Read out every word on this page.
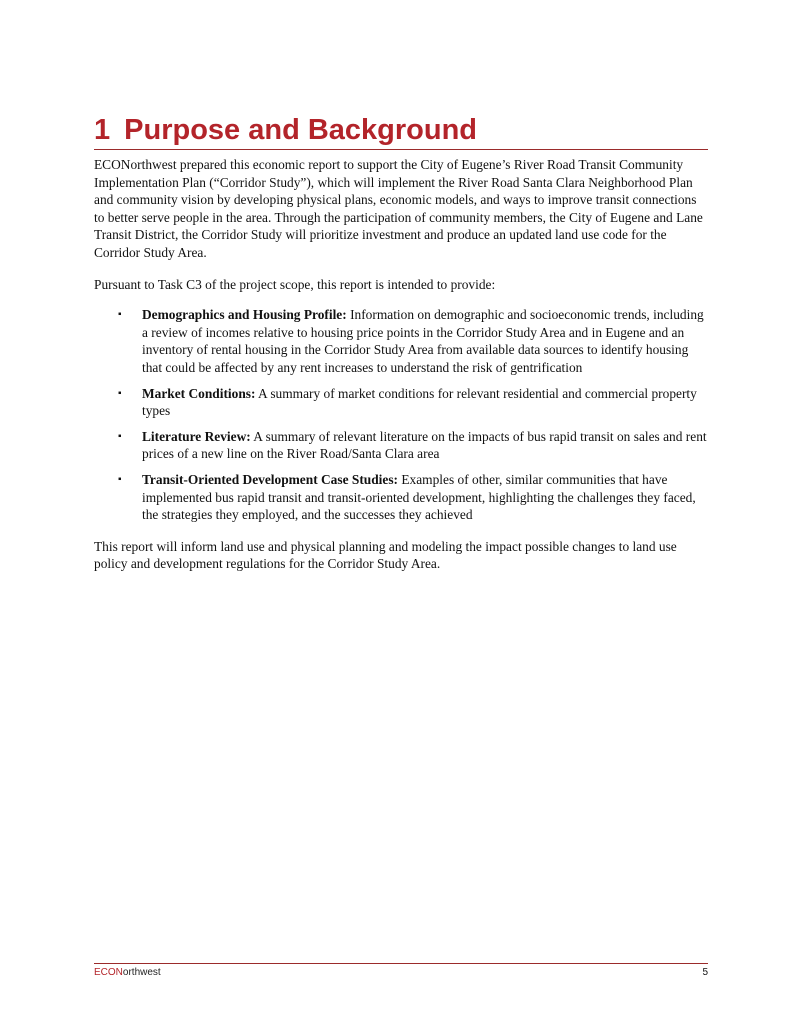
1 Purpose and Background

ECONorthwest prepared this economic report to support the City of Eugene’s River Road Transit Community Implementation Plan (“Corridor Study”), which will implement the River Road Santa Clara Neighborhood Plan and community vision by developing physical plans, economic models, and ways to improve transit connections to better serve people in the area. Through the participation of community members, the City of Eugene and Lane Transit District, the Corridor Study will prioritize investment and produce an updated land use code for the Corridor Study Area.

Pursuant to Task C3 of the project scope, this report is intended to provide:

▪ Demographics and Housing Profile: Information on demographic and socioeconomic trends, including a review of incomes relative to housing price points in the Corridor Study Area and in Eugene and an inventory of rental housing in the Corridor Study Area from available data sources to identify housing that could be affected by any rent increases to understand the risk of gentrification
▪ Market Conditions: A summary of market conditions for relevant residential and commercial property types
▪ Literature Review: A summary of relevant literature on the impacts of bus rapid transit on sales and rent prices of a new line on the River Road/Santa Clara area
▪ Transit-Oriented Development Case Studies: Examples of other, similar communities that have implemented bus rapid transit and transit-oriented development, highlighting the challenges they faced, the strategies they employed, and the successes they achieved

This report will inform land use and physical planning and modeling the impact possible changes to land use policy and development regulations for the Corridor Study Area.

ECONorthwest	5
